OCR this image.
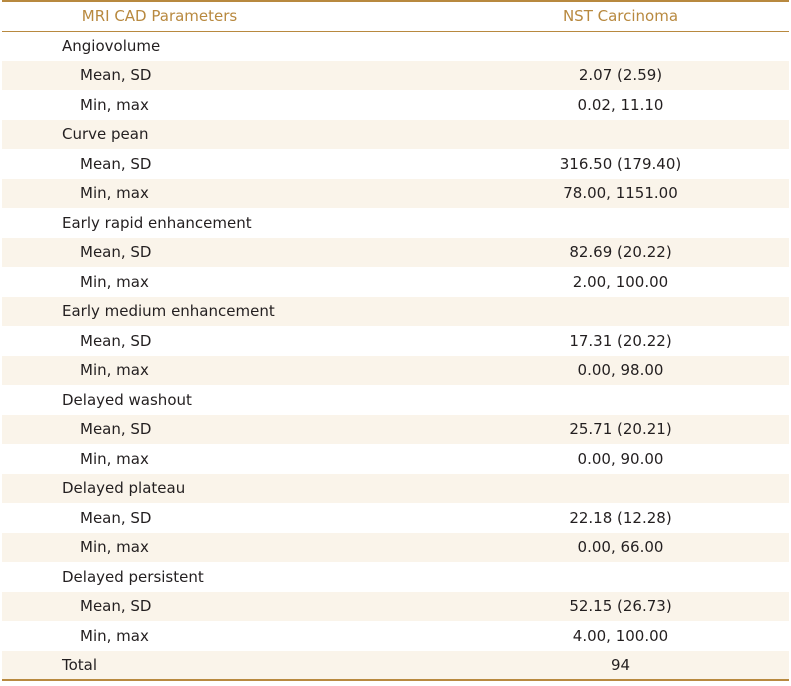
MRI CAD Parameters	NST Carcinoma
Angiovolume	
Mean, SD	2.07 (2.59)
Min, max	0.02, 11.10
Curve pean	
Mean, SD	316.50 (179.40)
Min, max	78.00, 1151.00
Early rapid enhancement	
Mean, SD	82.69 (20.22)
Min, max	2.00, 100.00
Early medium enhancement	
Mean, SD	17.31 (20.22)
Min, max	0.00, 98.00
Delayed washout	
Mean, SD	25.71 (20.21)
Min, max	0.00, 90.00
Delayed plateau	
Mean, SD	22.18 (12.28)
Min, max	0.00, 66.00
Delayed persistent	
Mean, SD	52.15 (26.73)
Min, max	4.00, 100.00
Total	94
